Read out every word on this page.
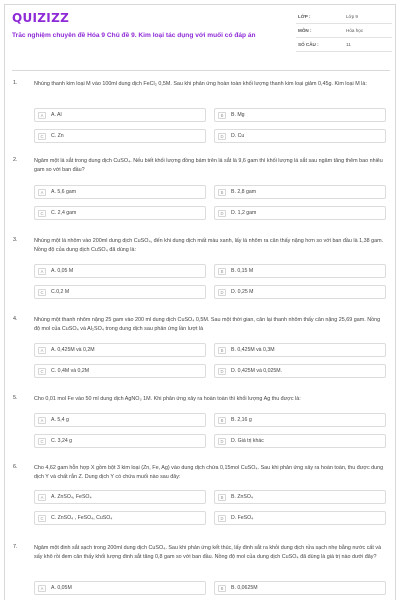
QUIZIZZ
Trắc nghiệm chuyên đề Hóa 9 Chủ đề 9. Kim loại tác dụng với muối có đáp án
LỚP :	Lớp 9
MÔN :	Hóa học
SỐ CÂU :	11
1.	Nhúng thanh kim loại M vào 100ml dung dịch FeCl₂ 0,5M. Sau khi phản ứng hoàn toàn khối lượng thanh kim loại giảm 0,45g. Kim loại M là:
A	A. Al	B	B. Mg
C	C. Zn	D	D. Cu
2.	Ngâm một lá sắt trong dung dịch CuSO₄. Nếu biết khối lượng đồng bám trên lá sắt là 9,6 gam thì khối lượng lá sắt sau ngâm tăng thêm bao nhiêu gam so với ban đầu?
A	A. 5,6 gam	B	B. 2,8 gam
C	C. 2,4 gam	D	D. 1,2 gam
3.	Nhúng một lá nhôm vào 200ml dung dịch CuSO₄, đến khi dung dịch mất màu xanh, lấy lá nhôm ra cân thấy nặng hơn so với ban đầu là 1,38 gam. Nồng độ của dung dịch CuSO₄ đã dùng là:
A	A. 0,05 M	B	B. 0,15 M
C	C.0,2 M	D	D. 0,25 M
4.	Nhúng một thanh nhôm nặng 25 gam vào 200 ml dung dịch CuSO₄ 0,5M. Sau một thời gian, cân lại thanh nhôm thấy cân nặng 25,69 gam. Nồng độ mol của CuSO₄ và Al₂SO₄ trong dung dịch sau phản ứng lần lượt là
A	A. 0,425M và 0,2M	B	B. 0,425M và 0,3M
C	C. 0,4M và 0,2M	D	D. 0,425M và 0,025M.
5.	Cho 0,01 mol Fe vào 50 ml dung dịch AgNO₃ 1M. Khi phản ứng xảy ra hoàn toàn thì khối lượng Ag thu được là:
A	A. 5,4 g	B	B. 2,16 g
C	C. 3,24 g	D	D. Giá trị khác
6.	Cho 4,62 gam hỗn hợp X gồm bột 3 kim loại (Zn, Fe, Ag) vào dung dịch chứa 0,15mol CuSO₄. Sau khi phản ứng xảy ra hoàn toàn, thu được dung dịch Y và chất rắn Z. Dung dịch Y có chứa muối nào sau đây:
A	A. ZnSO₄, FeSO₄	B	B. ZnSO₄
C	C. ZnSO₄ , FeSO₄, CuSO₄	D	D. FeSO₄
7.	Ngâm một đinh sắt sạch trong 200ml dung dịch CuSO₄. Sau khi phản ứng kết thúc, lấy đinh sắt ra khỏi dung dịch rửa sạch nhẹ bằng nước cất và sấy khô rồi đem cân thấy khối lượng đinh sắt tăng 0,8 gam so với ban đầu. Nồng độ mol của dung dịch CuSO₄ đã dùng là giá trị nào dưới đây?
A	A. 0,05M	B	B. 0,0625M
